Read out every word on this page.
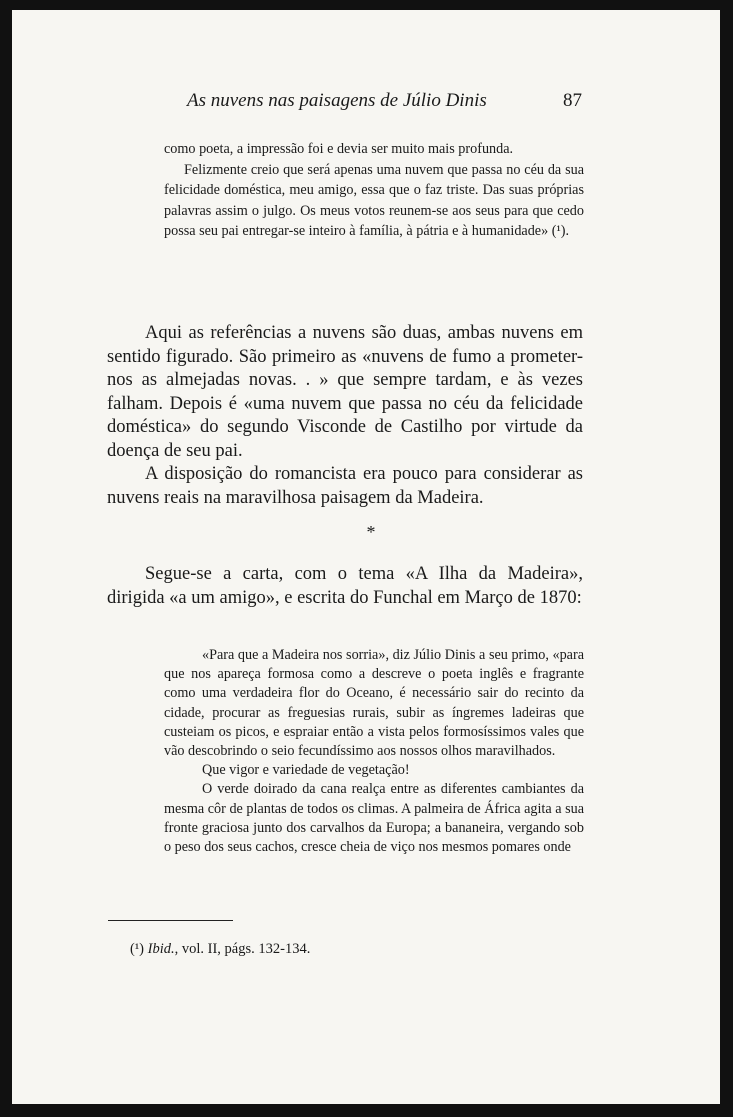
As nuvens nas paisagens de Júlio Dinis	87

como poeta, a impressão foi e devia ser muito mais profunda.

Felizmente creio que será apenas uma nuvem que passa no céu da sua felicidade doméstica, meu amigo, essa que o faz triste. Das suas próprias palavras assim o julgo. Os meus votos reunem-se aos seus para que cedo possa seu pai entregar-se inteiro à família, à pátria e à humanidade» (¹).

Aqui as referências a nuvens são duas, ambas nuvens em sentido figurado. São primeiro as «nuvens de fumo a prometer-nos as almejadas novas. . » que sempre tardam, e às vezes falham. Depois é «uma nuvem que passa no céu da felicidade doméstica» do segundo Visconde de Castilho por virtude da doença de seu pai.

A disposição do romancista era pouco para considerar as nuvens reais na maravilhosa paisagem da Madeira.

*

Segue-se a carta, com o tema «A Ilha da Madeira», dirigida «a um amigo», e escrita do Funchal em Março de 1870:

«Para que a Madeira nos sorria», diz Júlio Dinis a seu primo, «para que nos apareça formosa como a descreve o poeta inglês e fragrante como uma verdadeira flor do Oceano, é necessário sair do recinto da cidade, procurar as freguesias rurais, subir as íngremes ladeiras que custeiam os picos, e espraiar então a vista pelos formosíssimos vales que vão descobrindo o seio fecundíssimo aos nossos olhos maravilhados.

Que vigor e variedade de vegetação!

O verde doirado da cana realça entre as diferentes cambiantes da mesma côr de plantas de todos os climas. A palmeira de África agita a sua fronte graciosa junto dos carvalhos da Europa; a bananeira, vergando sob o peso dos seus cachos, cresce cheia de viço nos mesmos pomares onde

(¹) Ibid., vol. II, págs. 132-134.
